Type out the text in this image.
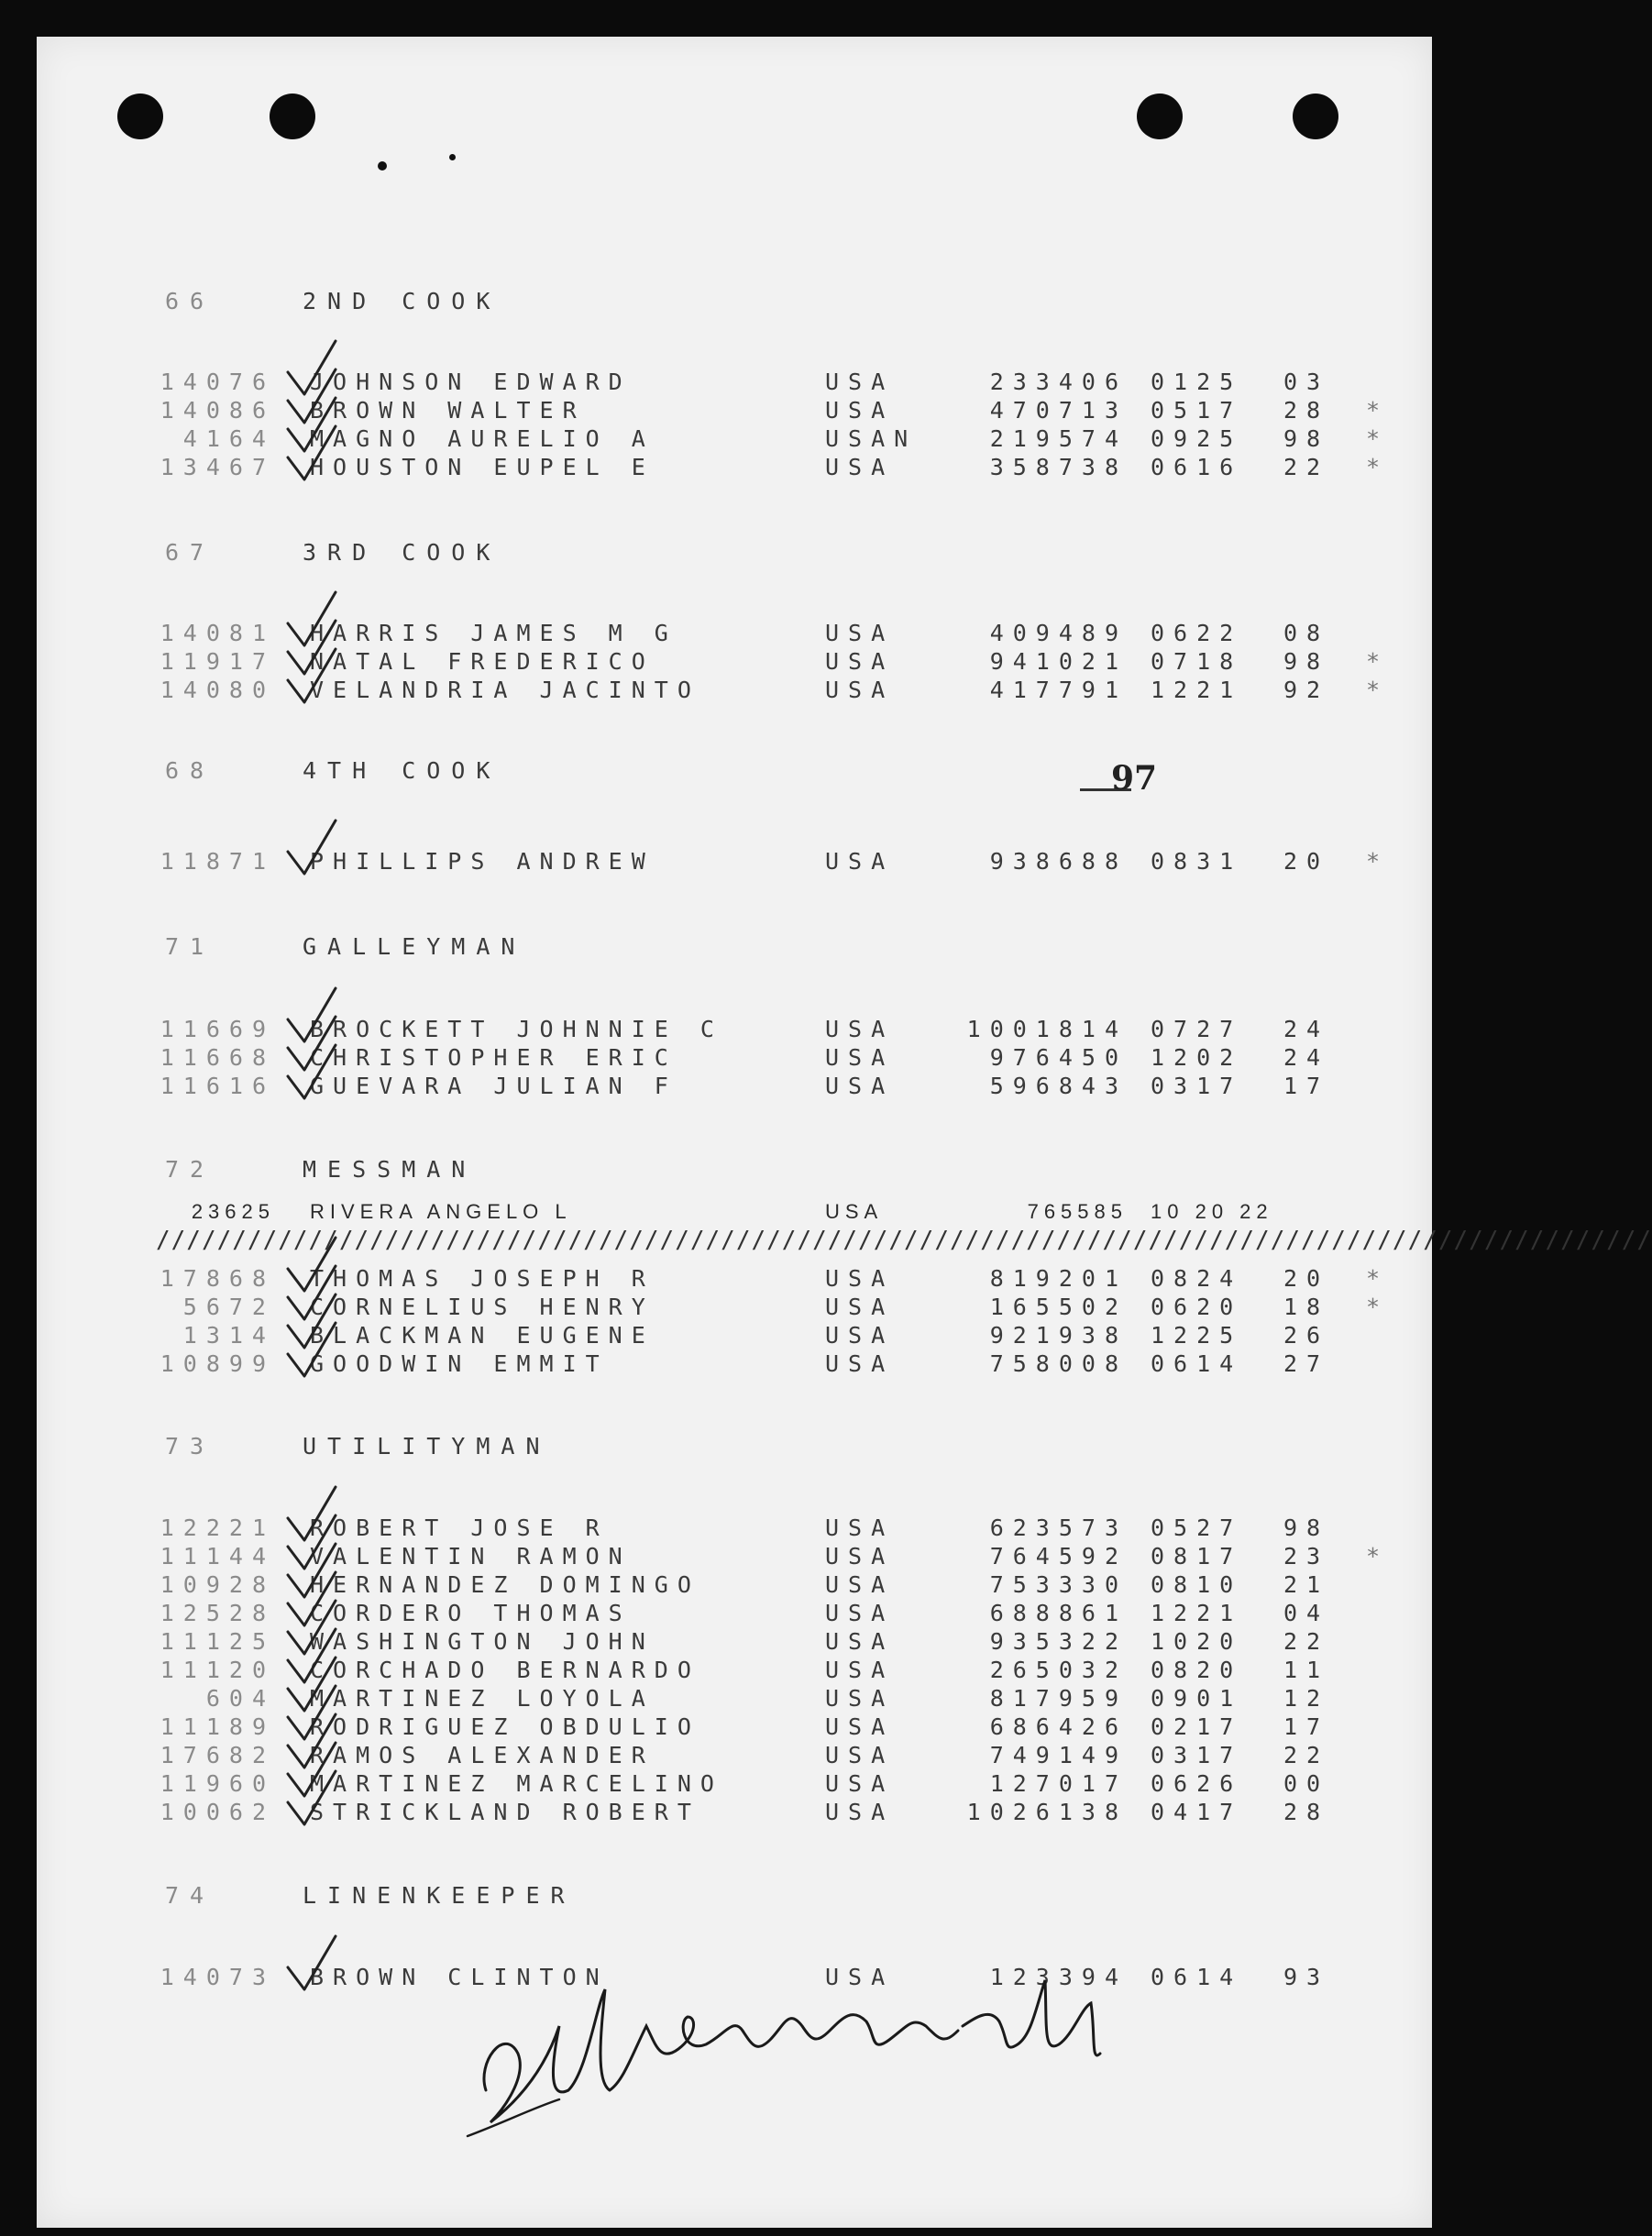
66	2ND COOK
14076 JOHNSON EDWARD	USA	233406 0125	03
14086 BROWN WALTER	USA	470713 0517	28	*
4164 MAGNO AURELIO A	USAN	219574 0925	98	*
13467 HOUSTON EUPEL E	USA	358738 0616	22	*
67	3RD COOK
14081 HARRIS JAMES M G	USA	409489 0622	08
11917 NATAL FREDERICO	USA	941021 0718	98	*
14080 VELANDRIA JACINTO	USA	417791 1221	92	*
68	4TH COOK
11871 PHILLIPS ANDREW	USA	938688 0831	20	*
71	GALLEYMAN
11669 BROCKETT JOHNNIE C	USA	1001814 0727	24
11668 CHRISTOPHER ERIC	USA	976450 1202	24
11616 GUEVARA JULIAN F	USA	596843 0317	17
72	MESSMAN
23625 RIVERA ANGELO L	USA	765585 10 20 22
17868 THOMAS JOSEPH R	USA	819201 0824	20	*
5672 CORNELIUS HENRY	USA	165502 0620	18	*
1314 BLACKMAN EUGENE	USA	921938 1225	26
10899 GOODWIN EMMIT	USA	758008 0614	27
73	UTILITYMAN
12221 ROBERT JOSE R	USA	623573 0527	98
11144 VALENTIN RAMON	USA	764592 0817	23	*
10928 HERNANDEZ DOMINGO	USA	753330 0810	21
12528 CORDERO THOMAS	USA	688861 1221	04
11125 WASHINGTON JOHN	USA	935322 1020	22
11120 CORCHADO BERNARDO	USA	265032 0820	11
604 MARTINEZ LOYOLA	USA	817959 0901	12
11189 RODRIGUEZ OBDULIO	USA	686426 0217	17
17682 RAMOS ALEXANDER	USA	749149 0317	22
11960 MARTINEZ MARCELINO	USA	127017 0626	00
10062 STRICKLAND ROBERT	USA	1026138 0417	28
74	LINENKEEPER
14073 BROWN CLINTON	USA	123394 0614	93
//////////////////////////////////////////////////////////////////////////////////////////////////
97
